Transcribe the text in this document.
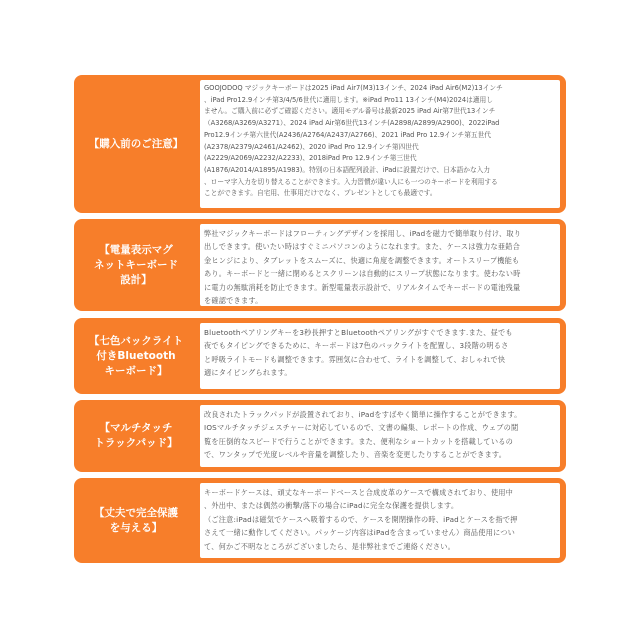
【購入前のご注意】
GOOJODOQ マジックキーボードは2025 iPad Air7(M3)13インチ、2024 iPad Air6(M2)13インチ
、iPad Pro12.9インチ第3/4/5/6世代に適用します。※iPad Pro11 13インチ(M4)2024は適用し
ません。ご購入前に必ずご確認ください。適用モデル番号は最新2025 iPad Air第7世代13インチ
（A3268/A3269/A3271）、2024 iPad Air第6世代13インチ(A2898/A2899/A2900)、2022iPad
Pro12.9インチ第六世代(A2436/A2764/A2437/A2766)、2021 iPad Pro 12.9インチ第五世代
(A2378/A2379/A2461/A2462)、2020 iPad Pro 12.9インチ第四世代
(A2229/A2069/A2232/A2233)、2018iPad Pro 12.9インチ第三世代
(A1876/A2014/A1895/A1983)。特別の日本語配列設計、iPadに設置だけで、日本語かな入力
、ローマ字入力を切り替えることができます。入力習慣が違い人にも一つのキーボードを利用する
ことができます。自宅用、仕事用だけでなく、プレゼントとしても最適です。
【電量表示マグ
ネットキーボード
設計】
弊社マジックキーボードはフローティングデザインを採用し、iPadを磁力で簡単取り付け、取り
出しできます。使いたい時はすぐミニパソコンのようになれます。また、ケースは強力な亜鉛合
金ヒンジにより、タブレットをスムーズに、快適に角度を調整できます。オートスリープ機能も
あり。キーボードと一緒に閉めるとスクリーンは自動的にスリープ状態になります。使わない時
に電力の無駄消耗を防止できます。新型電量表示設計で、リアルタイムでキーボードの電池残量
を確認できます。
【七色バックライト
付きBluetooth
キーボード】
Bluetoothペアリングキーを3秒長押すとBluetoothペアリングがすぐできます.また、昼でも
夜でもタイピングできるために、キーボードは7色のバックライトを配置し、3段階の明るさ
と呼吸ライトモードも調整できます。雰囲気に合わせて、ライトを調整して、おしゃれで快
適にタイピングられます。
【マルチタッチ
トラックパッド】
改良されたトラックパッドが設置されており、iPadをすばやく簡単に操作することができます。
IOSマルチタッチジェスチャーに対応しているので、文書の編集、レポートの作成、ウェブの閲
覧を圧倒的なスピードで行うことができます。また、便利なショートカットを搭載しているの
で、ワンタップで光度レベルや音量を調整したり、音楽を変更したりすることができます。
【丈夫で完全保護
を与える】
キーボードケースは、頑丈なキーボードベースと合成皮革のケースで構成されており、使用中
、外出中、または偶然の衝撃/落下の場合にiPadに完全な保護を提供します。
（ご注意:iPadは磁気でケースへ吸着するので、ケースを開閉操作の時、iPadとケースを指で押
さえて一緒に動作してください。パッケージ内容はiPadを含まっていません）商品使用につい
て、何かご不明なところがございましたら、是非弊社までご連絡ください。
